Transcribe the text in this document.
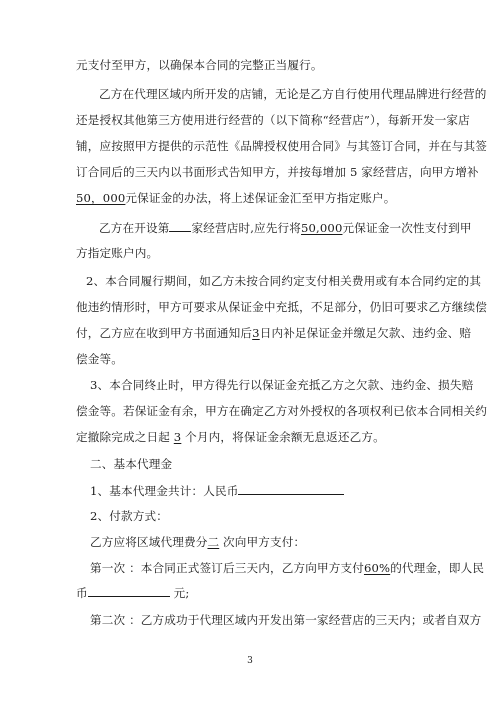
元支付至甲方，以确保本合同的完整正当履行。
乙方在代理区域内所开发的店铺，无论是乙方自行使用代理品牌进行经营的
还是授权其他第三方使用进行经营的（以下简称“经营店”），每新开发一家店
铺，应按照甲方提供的示范性《品牌授权使用合同》与其签订合同，并在与其签
订合同后的三天内以书面形式告知甲方，并按每增加 5 家经营店，向甲方增补
50，000元保证金的办法，将上述保证金汇至甲方指定账户。
乙方在开设第 家经营店时,应先行将50,000元保证金一次性支付到甲
方指定账户内。
2、本合同履行期间，如乙方未按合同约定支付相关费用或有本合同约定的其
他违约情形时，甲方可要求从保证金中充抵，不足部分，仍旧可要求乙方继续偿
付，乙方应在收到甲方书面通知后3日内补足保证金并缴足欠款、违约金、赔
偿金等。
3、本合同终止时，甲方得先行以保证金充抵乙方之欠款、违约金、损失赔
偿金等。若保证金有余，甲方在确定乙方对外授权的各项权利已依本合同相关约
定撤除完成之日起 3 个月内，将保证金余额无息返还乙方。
二、基本代理金
1、基本代理金共计：人民币
2、付款方式：
乙方应将区域代理费分二 次向甲方支付：
第一次 ：本合同正式签订后三天内，乙方向甲方支付60%的代理金，即人民
币	元;
第二次 ：乙方成功于代理区域内开发出第一家经营店的三天内；或者自双方
3
